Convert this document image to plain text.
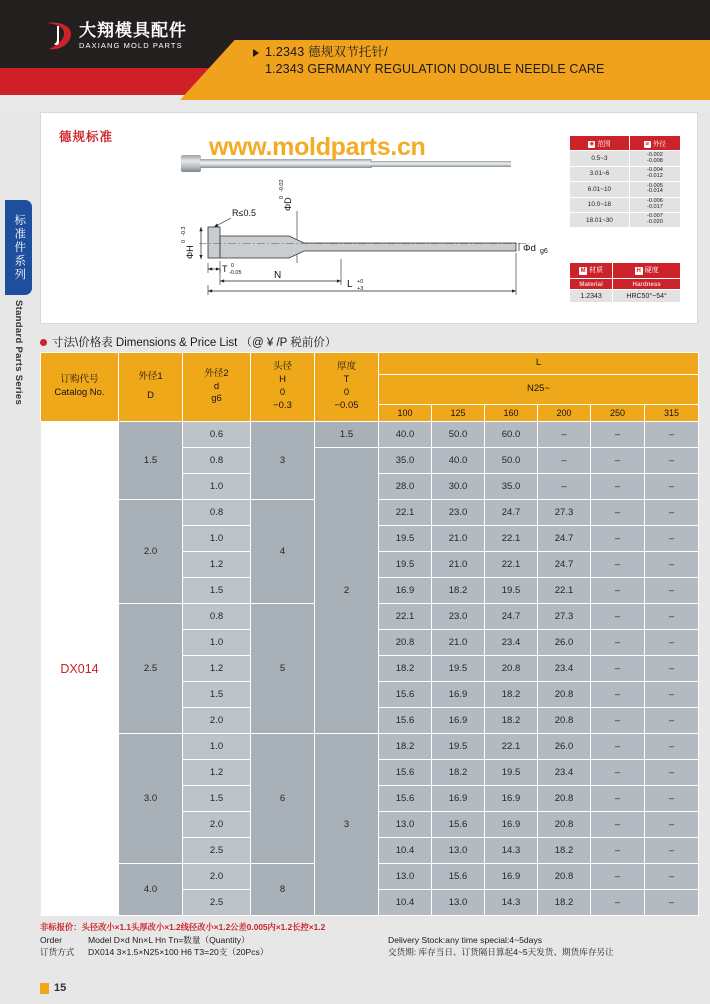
大翔模具配件
DAXIANG MOLD PARTS	1.2343 德规双节托针/
1.2343 GERMANY REGULATION DOUBLE NEEDLE CARE
标准件系列
Standard Parts Series
德规标准	www.moldparts.cn
R≤0.5
ΦH
0
-0.3
ΦD
0
-0.02
Φd g6
T 0
-0.05	N
L +0
+3
◉ 范围	⌀ 外径
0.5~3	-0.002
-0.008
3.01~6	-0.004
-0.012
6.01~10	-0.005
-0.014
10.0~18	-0.006
-0.017
18.01~30	-0.007
-0.020
M 材质	H 硬度
Material	Hardness
1.2343	HRC50°~54°
寸法\价格表 Dimensions & Price List （@ ¥ /P 税前价）
订购代号
Catalog No.

外径1
D

外径2
d
g6

头径
H
0
−0.3

厚度
T
0
−0.05
	L
					N25~					
					100	125	160	200	250	315
DX014	1.5	0.6	3	1.5	40.0	50.0	60.0	–	–	–
		0.8		2	35.0	40.0	50.0	–	–	–
		1.0			28.0	30.0	35.0	–	–	–
	2.0	0.8	4		22.1	23.0	24.7	27.3	–	–
		1.0			19.5	21.0	22.1	24.7	–	–
		1.2			19.5	21.0	22.1	24.7	–	–
		1.5			16.9	18.2	19.5	22.1	–	–
	2.5	0.8	5		22.1	23.0	24.7	27.3	–	–
		1.0			20.8	21.0	23.4	26.0	–	–
		1.2			18.2	19.5	20.8	23.4	–	–
		1.5			15.6	16.9	18.2	20.8	–	–
		2.0			15.6	16.9	18.2	20.8	–	–
	3.0	1.0	6	3	18.2	19.5	22.1	26.0	–	–
		1.2			15.6	18.2	19.5	23.4	–	–
		1.5			15.6	16.9	16.9	20.8	–	–
		2.0			13.0	15.6	16.9	20.8	–	–
		2.5			10.4	13.0	14.3	18.2	–	–
	4.0	2.0	8		13.0	15.6	16.9	20.8	–	–
		2.5			10.4	13.0	14.3	18.2	–	–
非标报价：头径改小×1.1头厚改小×1.2线径改小×1.2公差0.005内×1.2长控×1.2
Order	Model D×d Nn×L Hn Tn=数量（Quantity）	Delivery Stock:any time special:4~5days
订货方式	DX014 3×1.5×N25×100 H6 T3=20支（20Pcs）	交货期: 库存当日、订货隔日算起4~5天发货、期货库存另让
15
